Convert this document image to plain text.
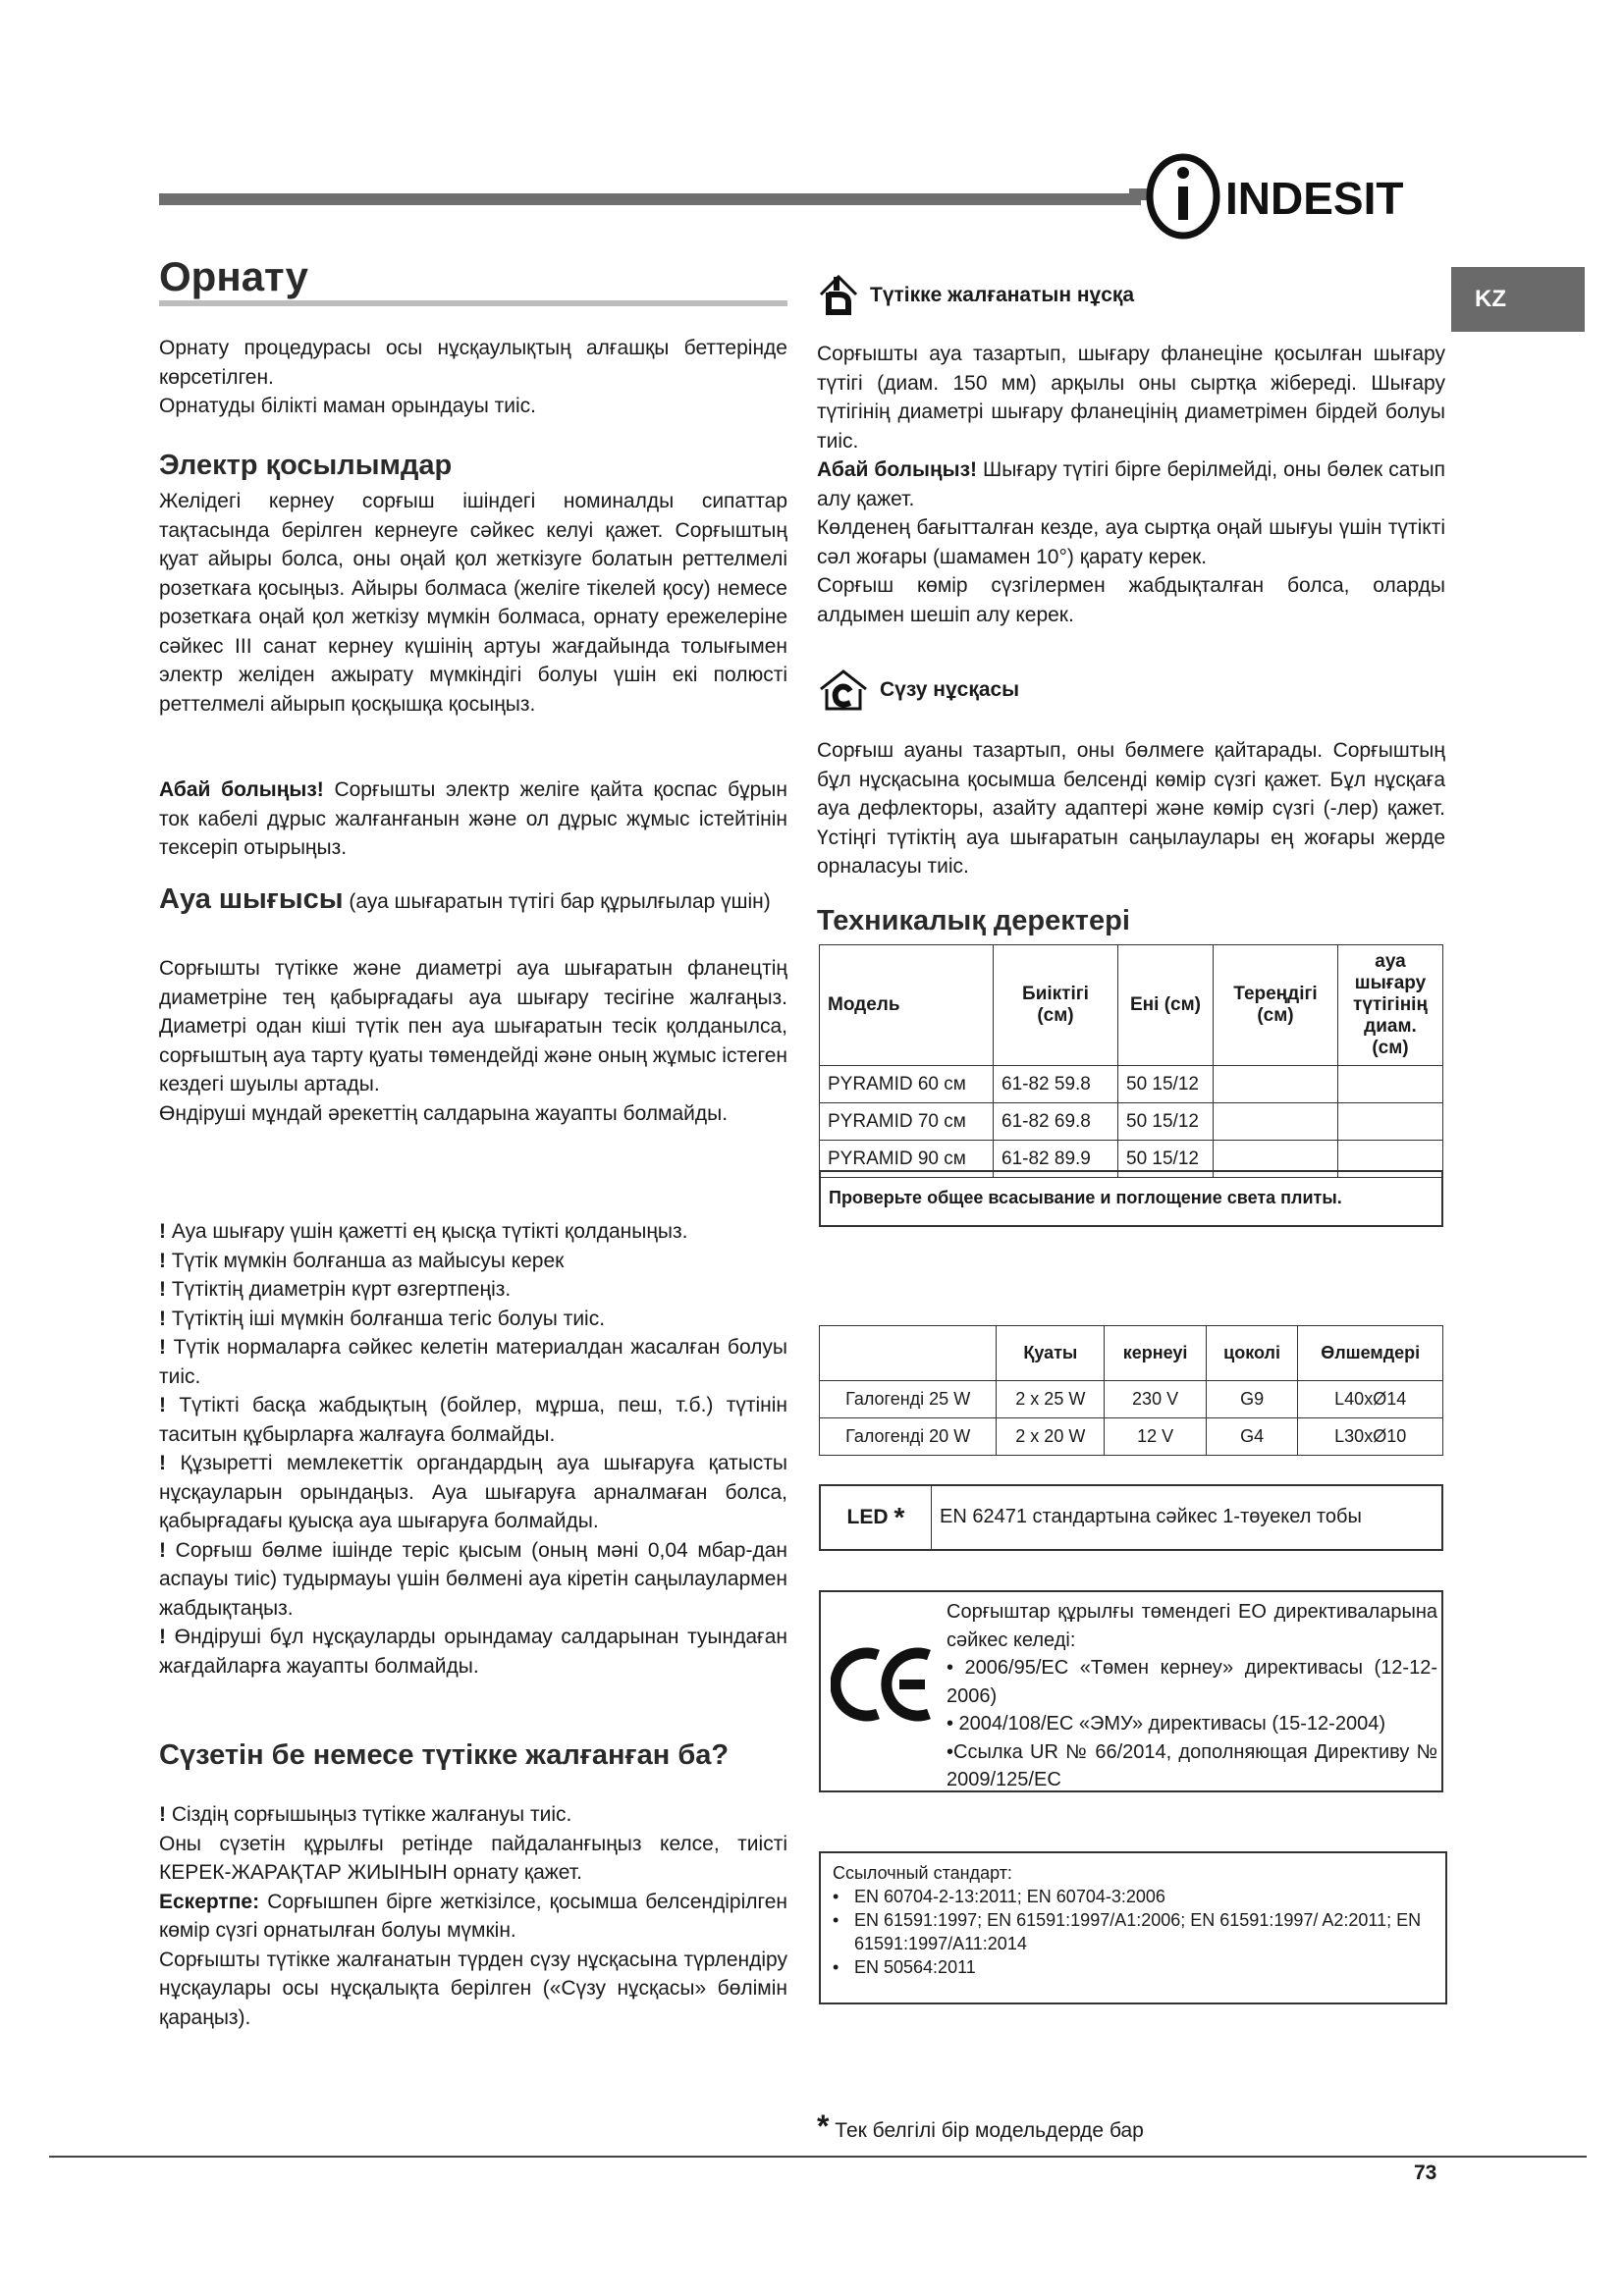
INDESIT
KZ
Орнату

Орнату процедурасы осы нұсқаулықтың алғашқы беттерінде көрсетілген.

Орнатуды білікті маман орындауы тиіс.

Электр қосылымдар

Желідегі кернеу сорғыш ішіндегі номиналды сипаттар тақтасында берілген кернеуге сәйкес келуі қажет. Сорғыштың қуат айыры болса, оны оңай қол жеткізуге болатын реттелмелі розеткаға қосыңыз. Айыры болмаса (желіге тікелей қосу) немесе розеткаға оңай қол жеткізу мүмкін болмаса, орнату ережелеріне сәйкес III санат кернеу күшінің артуы жағдайында толығымен электр желіден ажырату мүмкіндігі болуы үшін екі полюсті реттелмелі айырып қосқышқа қосыңыз.

Абай болыңыз! Сорғышты электр желіге қайта қоспас бұрын ток кабелі дұрыс жалғанғанын және ол дұрыс жұмыс істейтінін тексеріп отырыңыз.

Ауа шығысы (ауа шығаратын түтігі бар құрылғылар үшін)

Сорғышты түтікке және диаметрі ауа шығаратын фланецтің диаметріне тең қабырғадағы ауа шығару тесігіне жалғаңыз. Диаметрі одан кіші түтік пен ауа шығаратын тесік қолданылса, сорғыштың ауа тарту қуаты төмендейді және оның жұмыс істеген кездегі шуылы артады.

Өндіруші мұндай әрекеттің салдарына жауапты болмайды.

! Ауа шығару үшін қажетті ең қысқа түтікті қолданыңыз.

! Түтік мүмкін болғанша аз майысуы керек

! Түтіктің диаметрін күрт өзгертпеңіз.

! Түтіктің іші мүмкін болғанша тегіс болуы тиіс.

! Түтік нормаларға сәйкес келетін материалдан жасалған болуы тиіс.

! Түтікті басқа жабдықтың (бойлер, мұрша, пеш, т.б.) түтінін таситын құбырларға жалғауға болмайды.

! Құзыретті мемлекеттік органдардың ауа шығаруға қатысты нұсқауларын орындаңыз. Ауа шығаруға арналмаған болса, қабырғадағы қуысқа ауа шығаруға болмайды.

! Сорғыш бөлме ішінде теріс қысым (оның мәні 0,04 мбар-дан аспауы тиіс) тудырмауы үшін бөлмені ауа кіретін саңылаулармен жабдықтаңыз.

! Өндіруші бұл нұсқауларды орындамау салдарынан туындаған жағдайларға жауапты болмайды.

Сүзетін бе немесе түтікке жалғанған ба?

! Сіздің сорғышыңыз түтікке жалғануы тиіс.

Оны сүзетін құрылғы ретінде пайдаланғыңыз келсе, тиісті КЕРЕК-ЖАРАҚТАР ЖИЫНЫН орнату қажет.

Ескертпе: Сорғышпен бірге жеткізілсе, қосымша белсендірілген көмір сүзгі орнатылған болуы мүмкін.

Сорғышты түтікке жалғанатын түрден сүзу нұсқасына түрлендіру нұсқаулары осы нұсқалықта берілген («Сүзу нұсқасы» бөлімін қараңыз).

Түтікке жалғанатын нұсқа

Сорғышты ауа тазартып, шығару фланеціне қосылған шығару түтігі (диам. 150 мм) арқылы оны сыртқа жібереді. Шығару түтігінің диаметрі шығару фланецінің диаметрімен бірдей болуы тиіс.

Абай болыңыз! Шығару түтігі бірге берілмейді, оны бөлек сатып алу қажет.

Көлденең бағытталған кезде, ауа сыртқа оңай шығуы үшін түтікті сәл жоғары (шамамен 10°) қарату керек.

Сорғыш көмір сүзгілермен жабдықталған болса, оларды алдымен шешіп алу керек.

Сүзу нұсқасы

Сорғыш ауаны тазартып, оны бөлмеге қайтарады. Сорғыштың бұл нұсқасына қосымша белсенді көмір сүзгі қажет. Бұл нұсқаға ауа дефлекторы, азайту адаптері және көмір сүзгі (-лер) қажет. Үстіңгі түтіктің ауа шығаратын саңылаулары ең жоғары жерде орналасуы тиіс.

Техникалық деректері
Модель	Биіктігі (см)	Ені (см)	Тереңдігі (см)	ауа шығару түтігінің диам. (см)
PYRAMID 60 см	61-82 59.8	50 15/12		
PYRAMID 70 см	61-82 69.8	50 15/12		
PYRAMID 90 см	61-82 89.9	50 15/12		
Проверьте общее всасывание и поглощение света плиты.
	Қуаты	кернеуі	цоколі	Өлшемдері
Галогенді 25 W	2 x 25 W	230 V	G9	L40xØ14
Галогенді 20 W	2 x 20 W	12 V	G4	L30xØ10
LED *	EN 62471 стандартына сәйкес 1-төуекел тобы

Сорғыштар құрылғы төмендегі ЕО директиваларына сәйкес келеді:

• 2006/95/EC «Төмен кернеу» директивасы (12-12-2006)

• 2004/108/EC «ЭМУ» директивасы (15-12-2004)

•Ссылка UR № 66/2014, дополняющая Директиву № 2009/125/EC

Ссылочный стандарт:
• EN 60704-2-13:2011; EN 60704-3:2006
• EN 61591:1997; EN 61591:1997/A1:2006; EN 61591:1997/ A2:2011; EN 61591:1997/A11:2014
• EN 50564:2011
* Тек белгілі бір модельдерде бар
73
